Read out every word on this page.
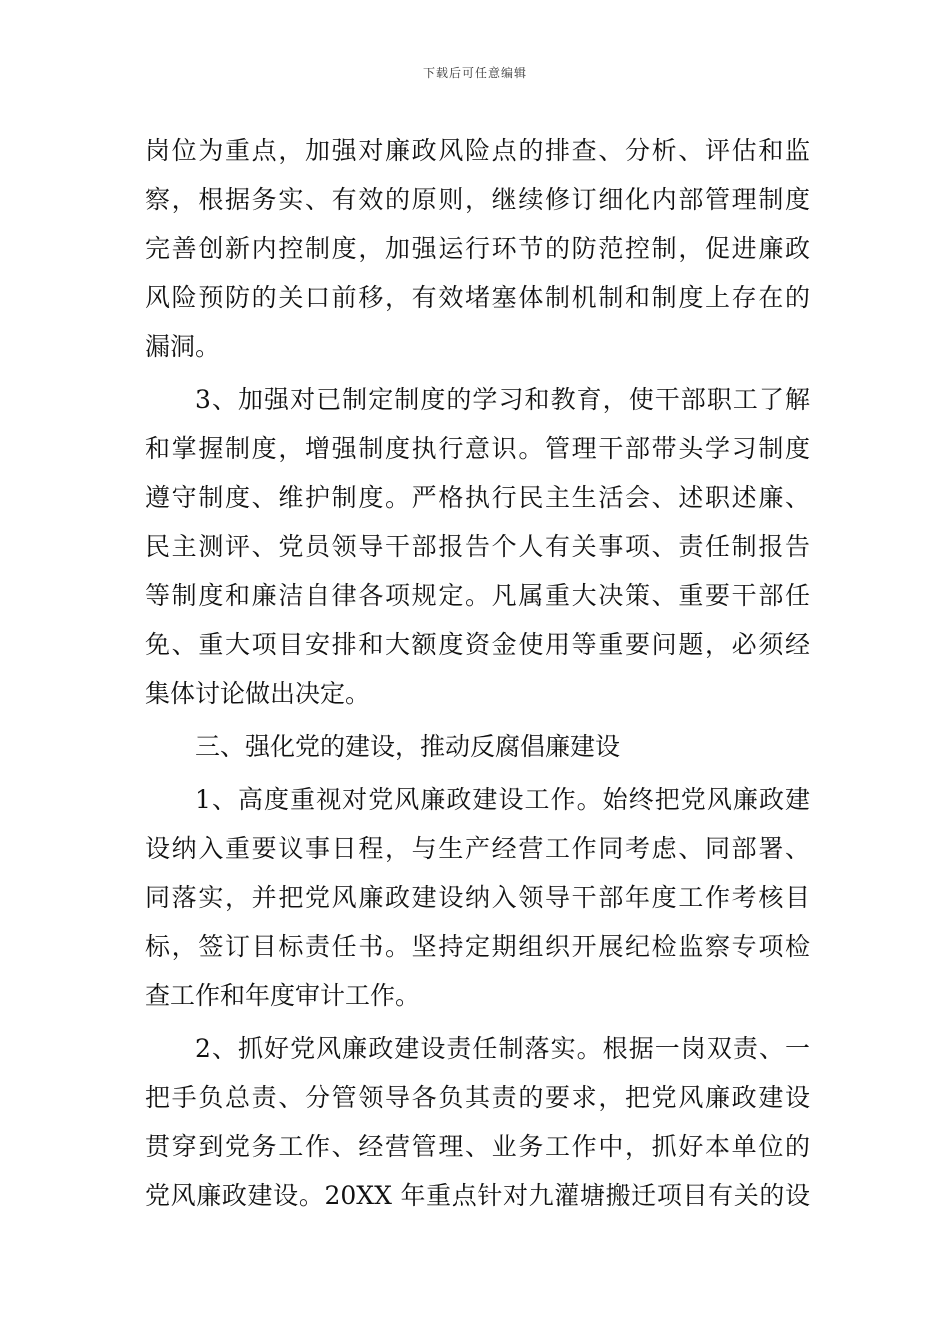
下载后可任意编辑
岗位为重点，加强对廉政风险点的排查、分析、评估和监
察，根据务实、有效的原则，继续修订细化内部管理制度
完善创新内控制度，加强运行环节的防范控制，促进廉政
风险预防的关口前移，有效堵塞体制机制和制度上存在的
漏洞。
3、加强对已制定制度的学习和教育，使干部职工了解
和掌握制度，增强制度执行意识。管理干部带头学习制度
遵守制度、维护制度。严格执行民主生活会、述职述廉、
民主测评、党员领导干部报告个人有关事项、责任制报告
等制度和廉洁自律各项规定。凡属重大决策、重要干部任
免、重大项目安排和大额度资金使用等重要问题，必须经
集体讨论做出决定。
三、强化党的建设，推动反腐倡廉建设
1、高度重视对党风廉政建设工作。始终把党风廉政建
设纳入重要议事日程，与生产经营工作同考虑、同部署、
同落实，并把党风廉政建设纳入领导干部年度工作考核目
标，签订目标责任书。坚持定期组织开展纪检监察专项检
查工作和年度审计工作。
2、抓好党风廉政建设责任制落实。根据一岗双责、一
把手负总责、分管领导各负其责的要求，把党风廉政建设
贯穿到党务工作、经营管理、业务工作中，抓好本单位的
党风廉政建设。20XX 年重点针对九灌塘搬迁项目有关的设
